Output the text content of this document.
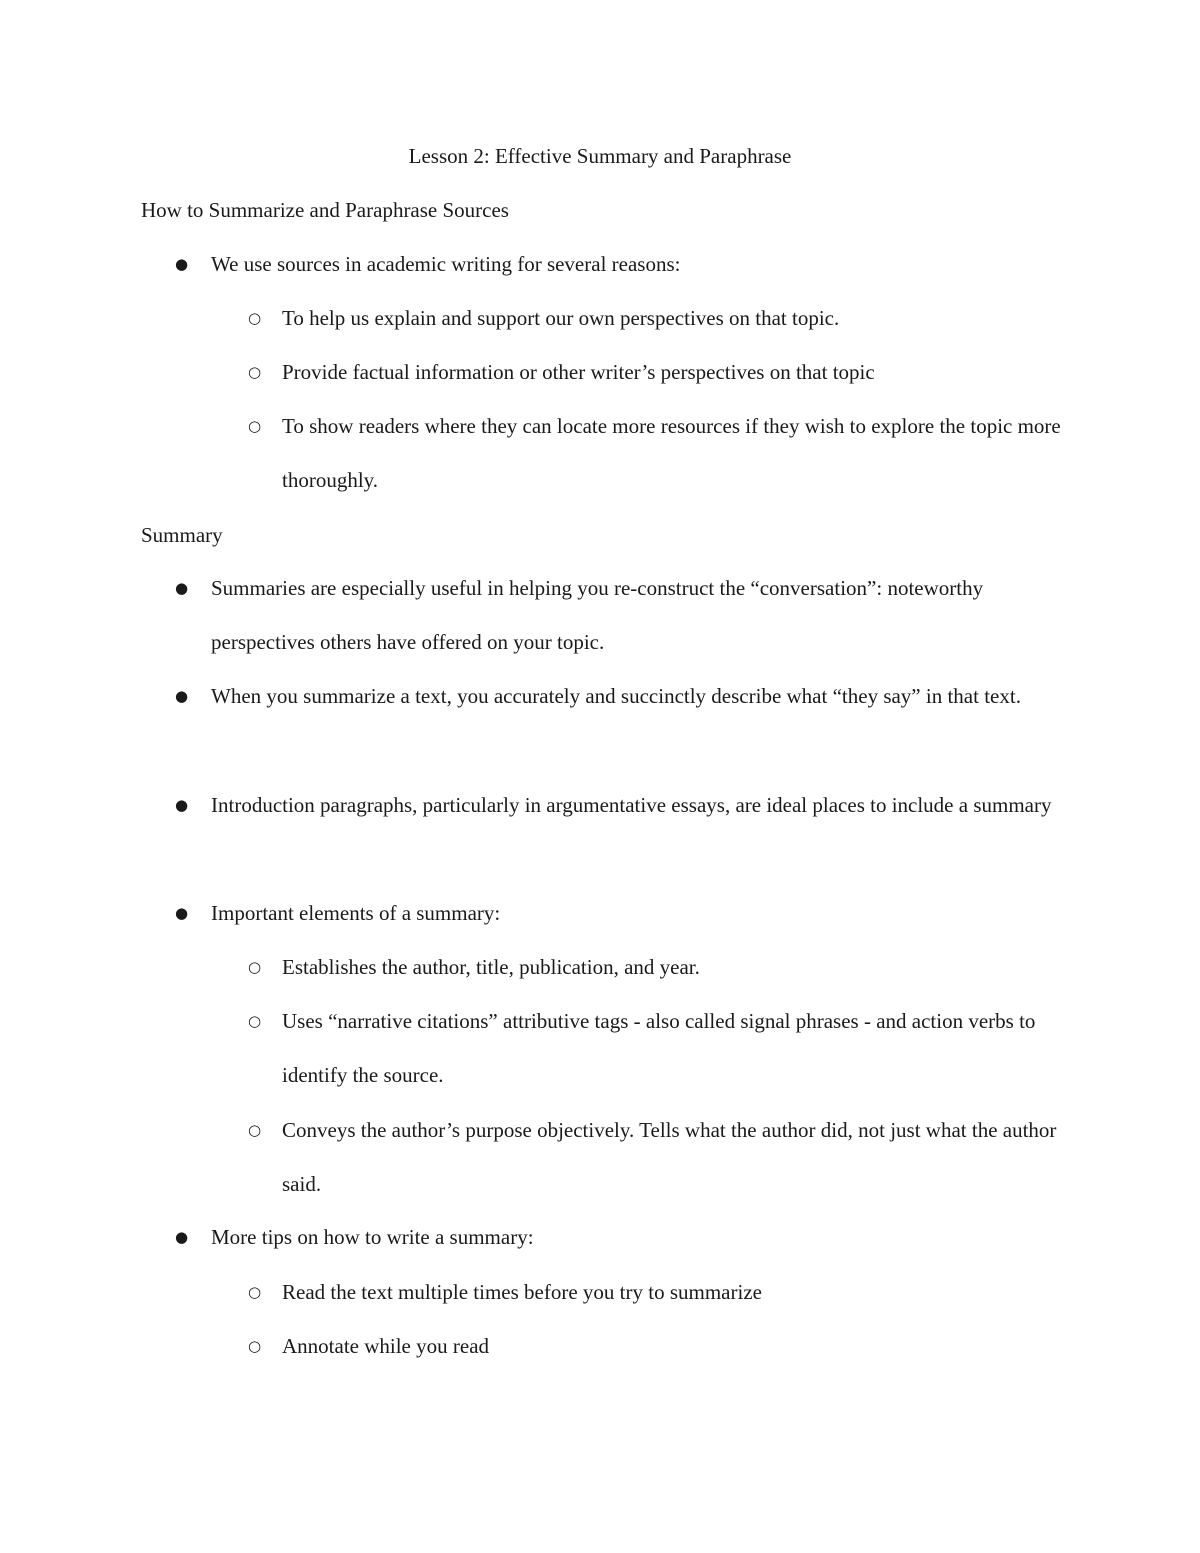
Lesson 2: Effective Summary and Paraphrase
How to Summarize and Paraphrase Sources
● We use sources in academic writing for several reasons:
○ To help us explain and support our own perspectives on that topic.
○ Provide factual information or other writer’s perspectives on that topic
○ To show readers where they can locate more resources if they wish to explore the topic more thoroughly.
Summary
● Summaries are especially useful in helping you re-construct the “conversation”: noteworthy perspectives others have offered on your topic.
● When you summarize a text, you accurately and succinctly describe what “they say” in that text.
● Introduction paragraphs, particularly in argumentative essays, are ideal places to include a summary
● Important elements of a summary:
○ Establishes the author, title, publication, and year.
○ Uses “narrative citations” attributive tags - also called signal phrases - and action verbs to identify the source.
○ Conveys the author’s purpose objectively. Tells what the author did, not just what the author said.
● More tips on how to write a summary:
○ Read the text multiple times before you try to summarize
○ Annotate while you read
